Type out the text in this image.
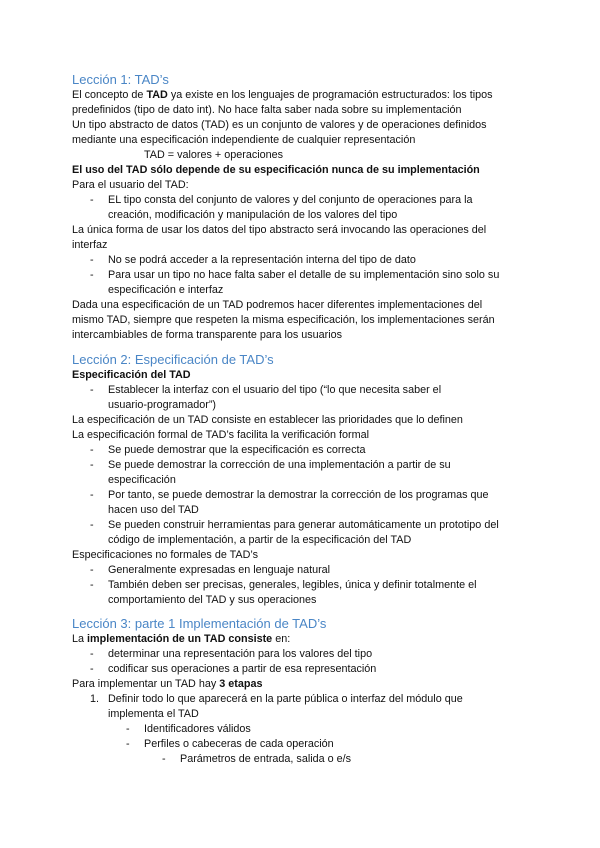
Lección 1: TAD’s
El concepto de TAD ya existe en los lenguajes de programación estructurados: los tipos
predefinidos (tipo de dato int). No hace falta saber nada sobre su implementación
Un tipo abstracto de datos (TAD) es un conjunto de valores y de operaciones definidos
mediante una especificación independiente de cualquier representación
TAD = valores + operaciones
El uso del TAD sólo depende de su especificación nunca de su implementación
Para el usuario del TAD:
- EL tipo consta del conjunto de valores y del conjunto de operaciones para la
creación, modificación y manipulación de los valores del tipo
La única forma de usar los datos del tipo abstracto será invocando las operaciones del
interfaz
- No se podrá acceder a la representación interna del tipo de dato
- Para usar un tipo no hace falta saber el detalle de su implementación sino solo su
especificación e interfaz
Dada una especificación de un TAD podremos hacer diferentes implementaciones del
mismo TAD, siempre que respeten la misma especificación, los implementaciones serán
intercambiables de forma transparente para los usuarios
Lección 2: Especificación de TAD’s
Especificación del TAD
- Establecer la interfaz con el usuario del tipo (“lo que necesita saber el
usuario-programador”)
La especificación de un TAD consiste en establecer las prioridades que lo definen
La especificación formal de TAD’s facilita la verificación formal
- Se puede demostrar que la especificación es correcta
- Se puede demostrar la corrección de una implementación a partir de su
especificación
- Por tanto, se puede demostrar la demostrar la corrección de los programas que
hacen uso del TAD
- Se pueden construir herramientas para generar automáticamente un prototipo del
código de implementación, a partir de la especificación del TAD
Especificaciones no formales de TAD’s
- Generalmente expresadas en lenguaje natural
- También deben ser precisas, generales, legibles, única y definir totalmente el
comportamiento del TAD y sus operaciones
Lección 3: parte 1 Implementación de TAD’s
La implementación de un TAD consiste en:
- determinar una representación para los valores del tipo
- codificar sus operaciones a partir de esa representación
Para implementar un TAD hay 3 etapas
1. Definir todo lo que aparecerá en la parte pública o interfaz del módulo que
implementa el TAD
- Identificadores válidos
- Perfiles o cabeceras de cada operación
- Parámetros de entrada, salida o e/s
